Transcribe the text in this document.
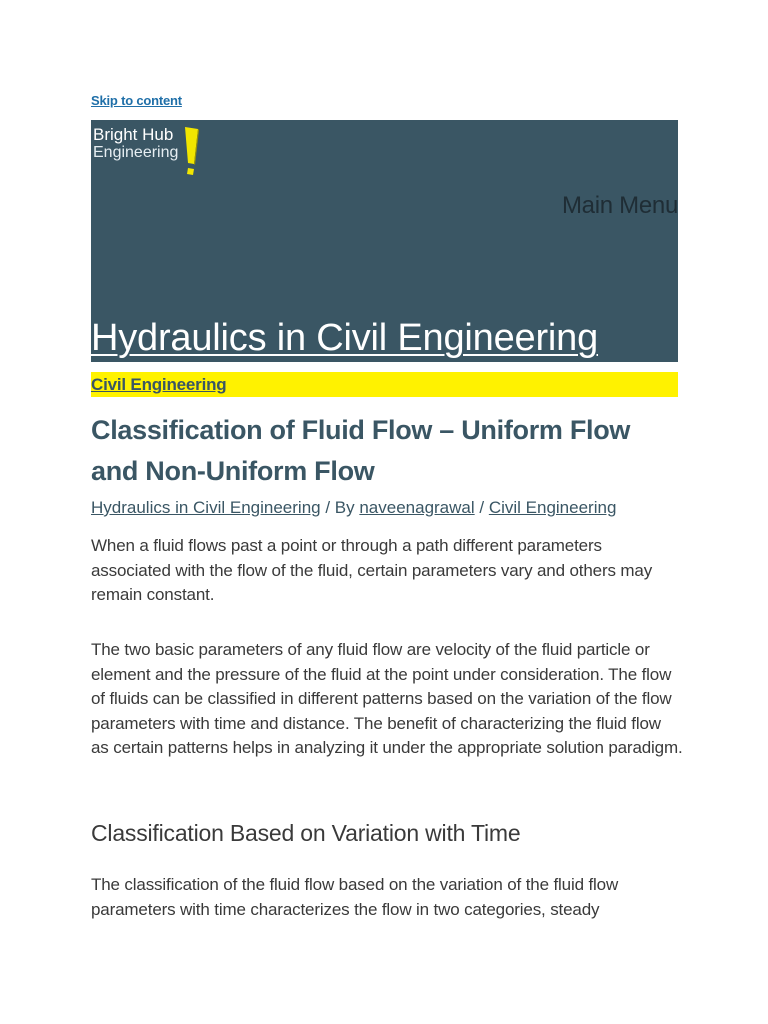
Skip to content
Bright Hub
Engineering
Main Menu
Hydraulics in Civil Engineering
Civil Engineering
Classification of Fluid Flow – Uniform Flow and Non-Uniform Flow
Hydraulics in Civil Engineering / By naveenagrawal / Civil Engineering

When a fluid flows past a point or through a path different parameters associated with the flow of the fluid, certain parameters vary and others may remain constant.

The two basic parameters of any fluid flow are velocity of the fluid particle or element and the pressure of the fluid at the point under consideration. The flow of fluids can be classified in different patterns based on the variation of the flow parameters with time and distance. The benefit of characterizing the fluid flow as certain patterns helps in analyzing it under the appropriate solution paradigm.

Classification Based on Variation with Time

The classification of the fluid flow based on the variation of the fluid flow parameters with time characterizes the flow in two categories, steady
